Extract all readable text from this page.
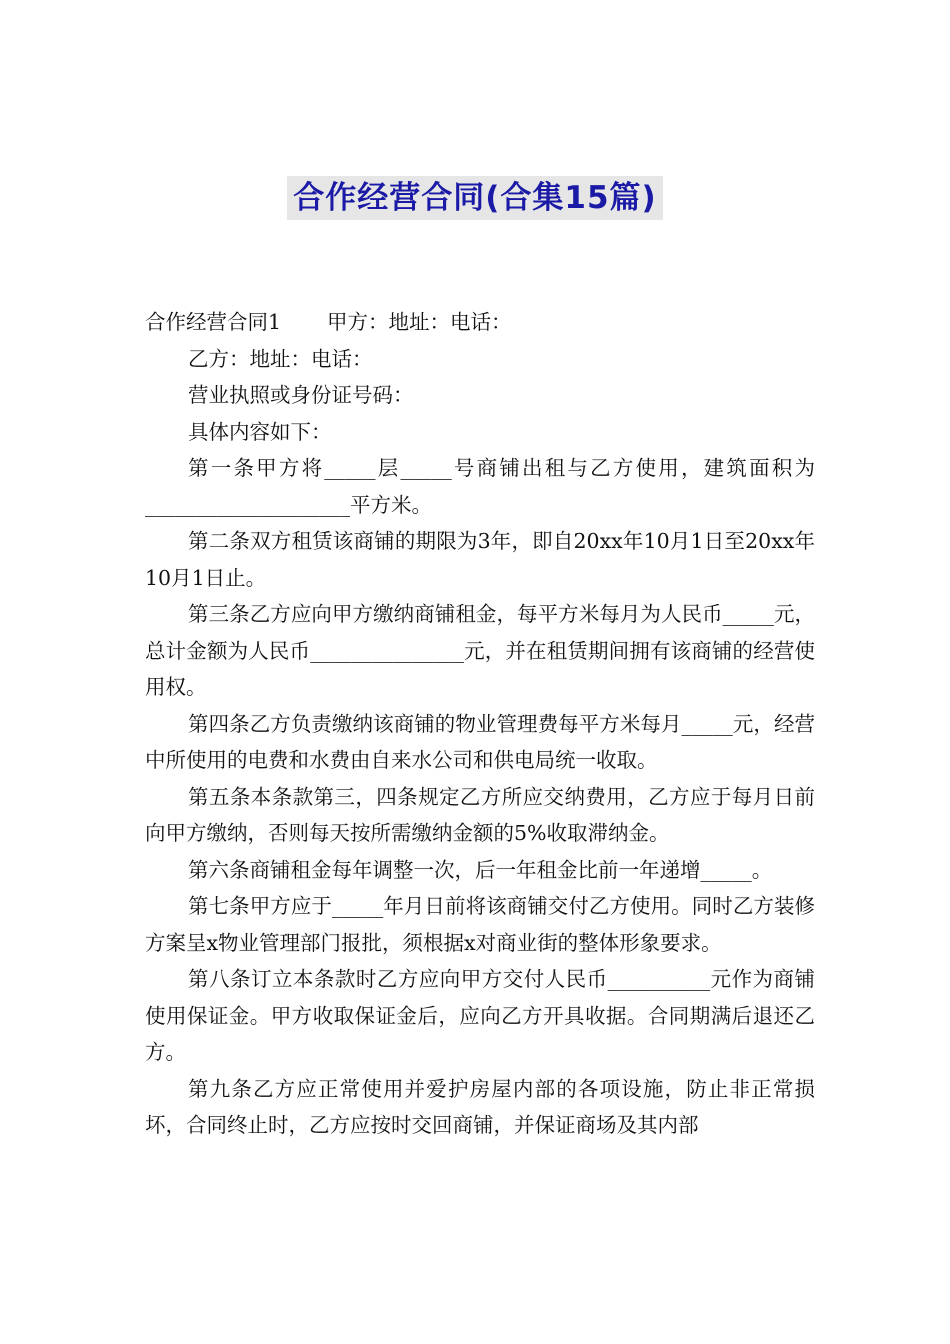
合作经营合同(合集15篇)

合作经营合同1 甲方：地址：电话：

乙方：地址：电话：

营业执照或身份证号码：

具体内容如下：

第一条甲方将_____层_____号商铺出租与乙方使用，建筑面积为____________________平方米。

第二条双方租赁该商铺的期限为3年，即自20xx年10月1日至20xx年10月1日止。

第三条乙方应向甲方缴纳商铺租金，每平方米每月为人民币_____元，总计金额为人民币_______________元，并在租赁期间拥有该商铺的经营使用权。

第四条乙方负责缴纳该商铺的物业管理费每平方米每月_____元，经营中所使用的电费和水费由自来水公司和供电局统一收取。

第五条本条款第三，四条规定乙方所应交纳费用，乙方应于每月日前向甲方缴纳，否则每天按所需缴纳金额的5%收取滞纳金。

第六条商铺租金每年调整一次，后一年租金比前一年递增_____。

第七条甲方应于_____年月日前将该商铺交付乙方使用。同时乙方装修方案呈x物业管理部门报批，须根据x对商业街的整体形象要求。

第八条订立本条款时乙方应向甲方交付人民币__________元作为商铺使用保证金。甲方收取保证金后，应向乙方开具收据。合同期满后退还乙方。

第九条乙方应正常使用并爱护房屋内部的各项设施，防止非正常损坏，合同终止时，乙方应按时交回商铺，并保证商场及其内部
